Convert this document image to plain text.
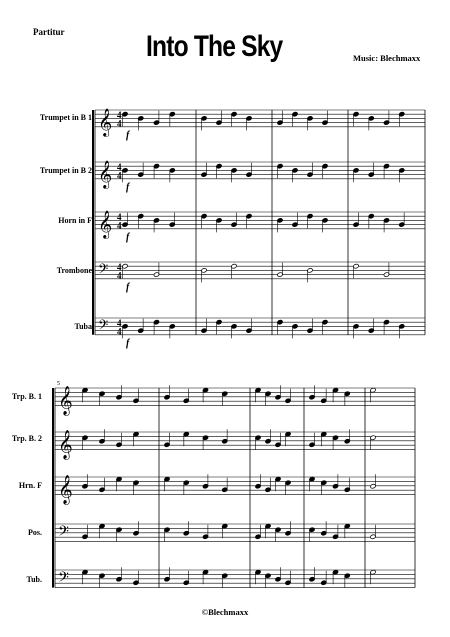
Partitur	Into The Sky	Music: Blechmaxx
Trumpet in B 1
Trumpet in B 2
Horn in F
Trombone
Tuba
Trp. B. 1
Trp. B. 2
Hrn. F
Pos.
Tub.
𝄞 4
4
f
𝄞 4
4
f
𝄞 4
4
f
𝄢 4
4
f
𝄢 4
4
f
𝄞
𝄞
𝄞
𝄢
𝄢
5
©Blechmaxx
